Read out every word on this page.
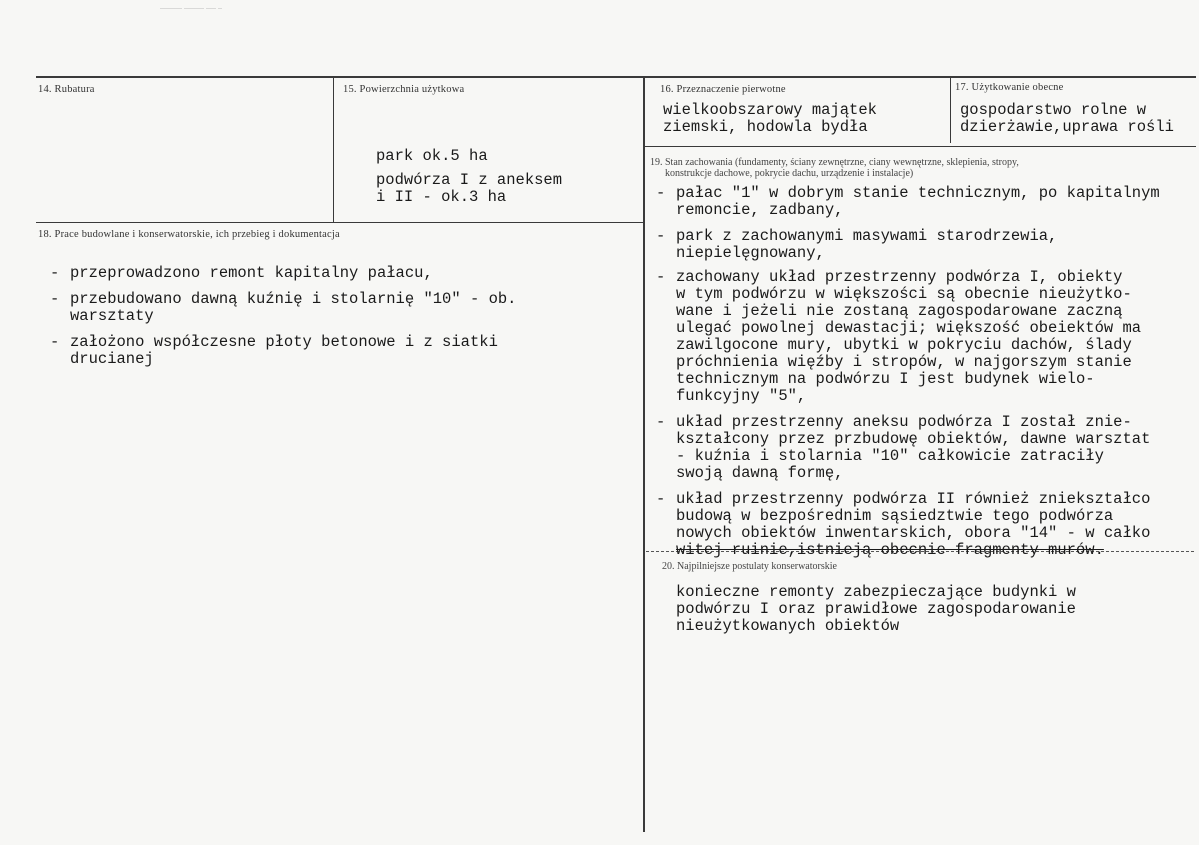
........... .......... ..... ..
14. Rubatura	15. Powierzchnia użytkowa
park ok.5 ha
podwórza I z aneksem
i II - ok.3 ha
16. Przeznaczenie pierwotne
wielkoobszarowy majątek
ziemski, hodowla bydła
17. Użytkowanie obecne
gospodarstwo rolne w
dzierżawie,uprawa rośli
18. Prace budowlane i konserwatorskie, ich przebieg i dokumentacja
- przeprowadzono remont kapitalny pałacu,
- przebudowano dawną kuźnię i stolarnię "10" - ob.
warsztaty
- założono współczesne płoty betonowe i z siatki
drucianej
19. Stan zachowania (fundamenty, ściany zewnętrzne, ciany wewnętrzne, sklepienia, stropy,
konstrukcje dachowe, pokrycie dachu, urządzenie i instalacje)
- pałac "1" w dobrym stanie technicznym, po kapitalnym
remoncie, zadbany,
- park z zachowanymi masywami starodrzewia,
niepielęgnowany,
- zachowany układ przestrzenny podwórza I, obiekty
w tym podwórzu w większości są obecnie nieużytko-
wane i jeżeli nie zostaną zagospodarowane zaczną
ulegać powolnej dewastacji; większość obeiektów ma
zawilgocone mury, ubytki w pokryciu dachów, ślady
próchnienia więźby i stropów, w najgorszym stanie
technicznym na podwórzu I jest budynek wielo-
funkcyjny "5",
- układ przestrzenny aneksu podwórza I został znie-
kształcony przez przbudowę obiektów, dawne warsztat
- kuźnia i stolarnia "10" całkowicie zatraciły
swoją dawną formę,
- układ przestrzenny podwórza II również zniekształco
budową w bezpośrednim sąsiedztwie tego podwórza
nowych obiektów inwentarskich, obora "14" - w całko
witej ruinie,istnieją obecnie fragmenty murów.
20. Najpilniejsze postulaty konserwatorskie
konieczne remonty zabezpieczające budynki w
podwórzu I oraz prawidłowe zagospodarowanie
nieużytkowanych obiektów
